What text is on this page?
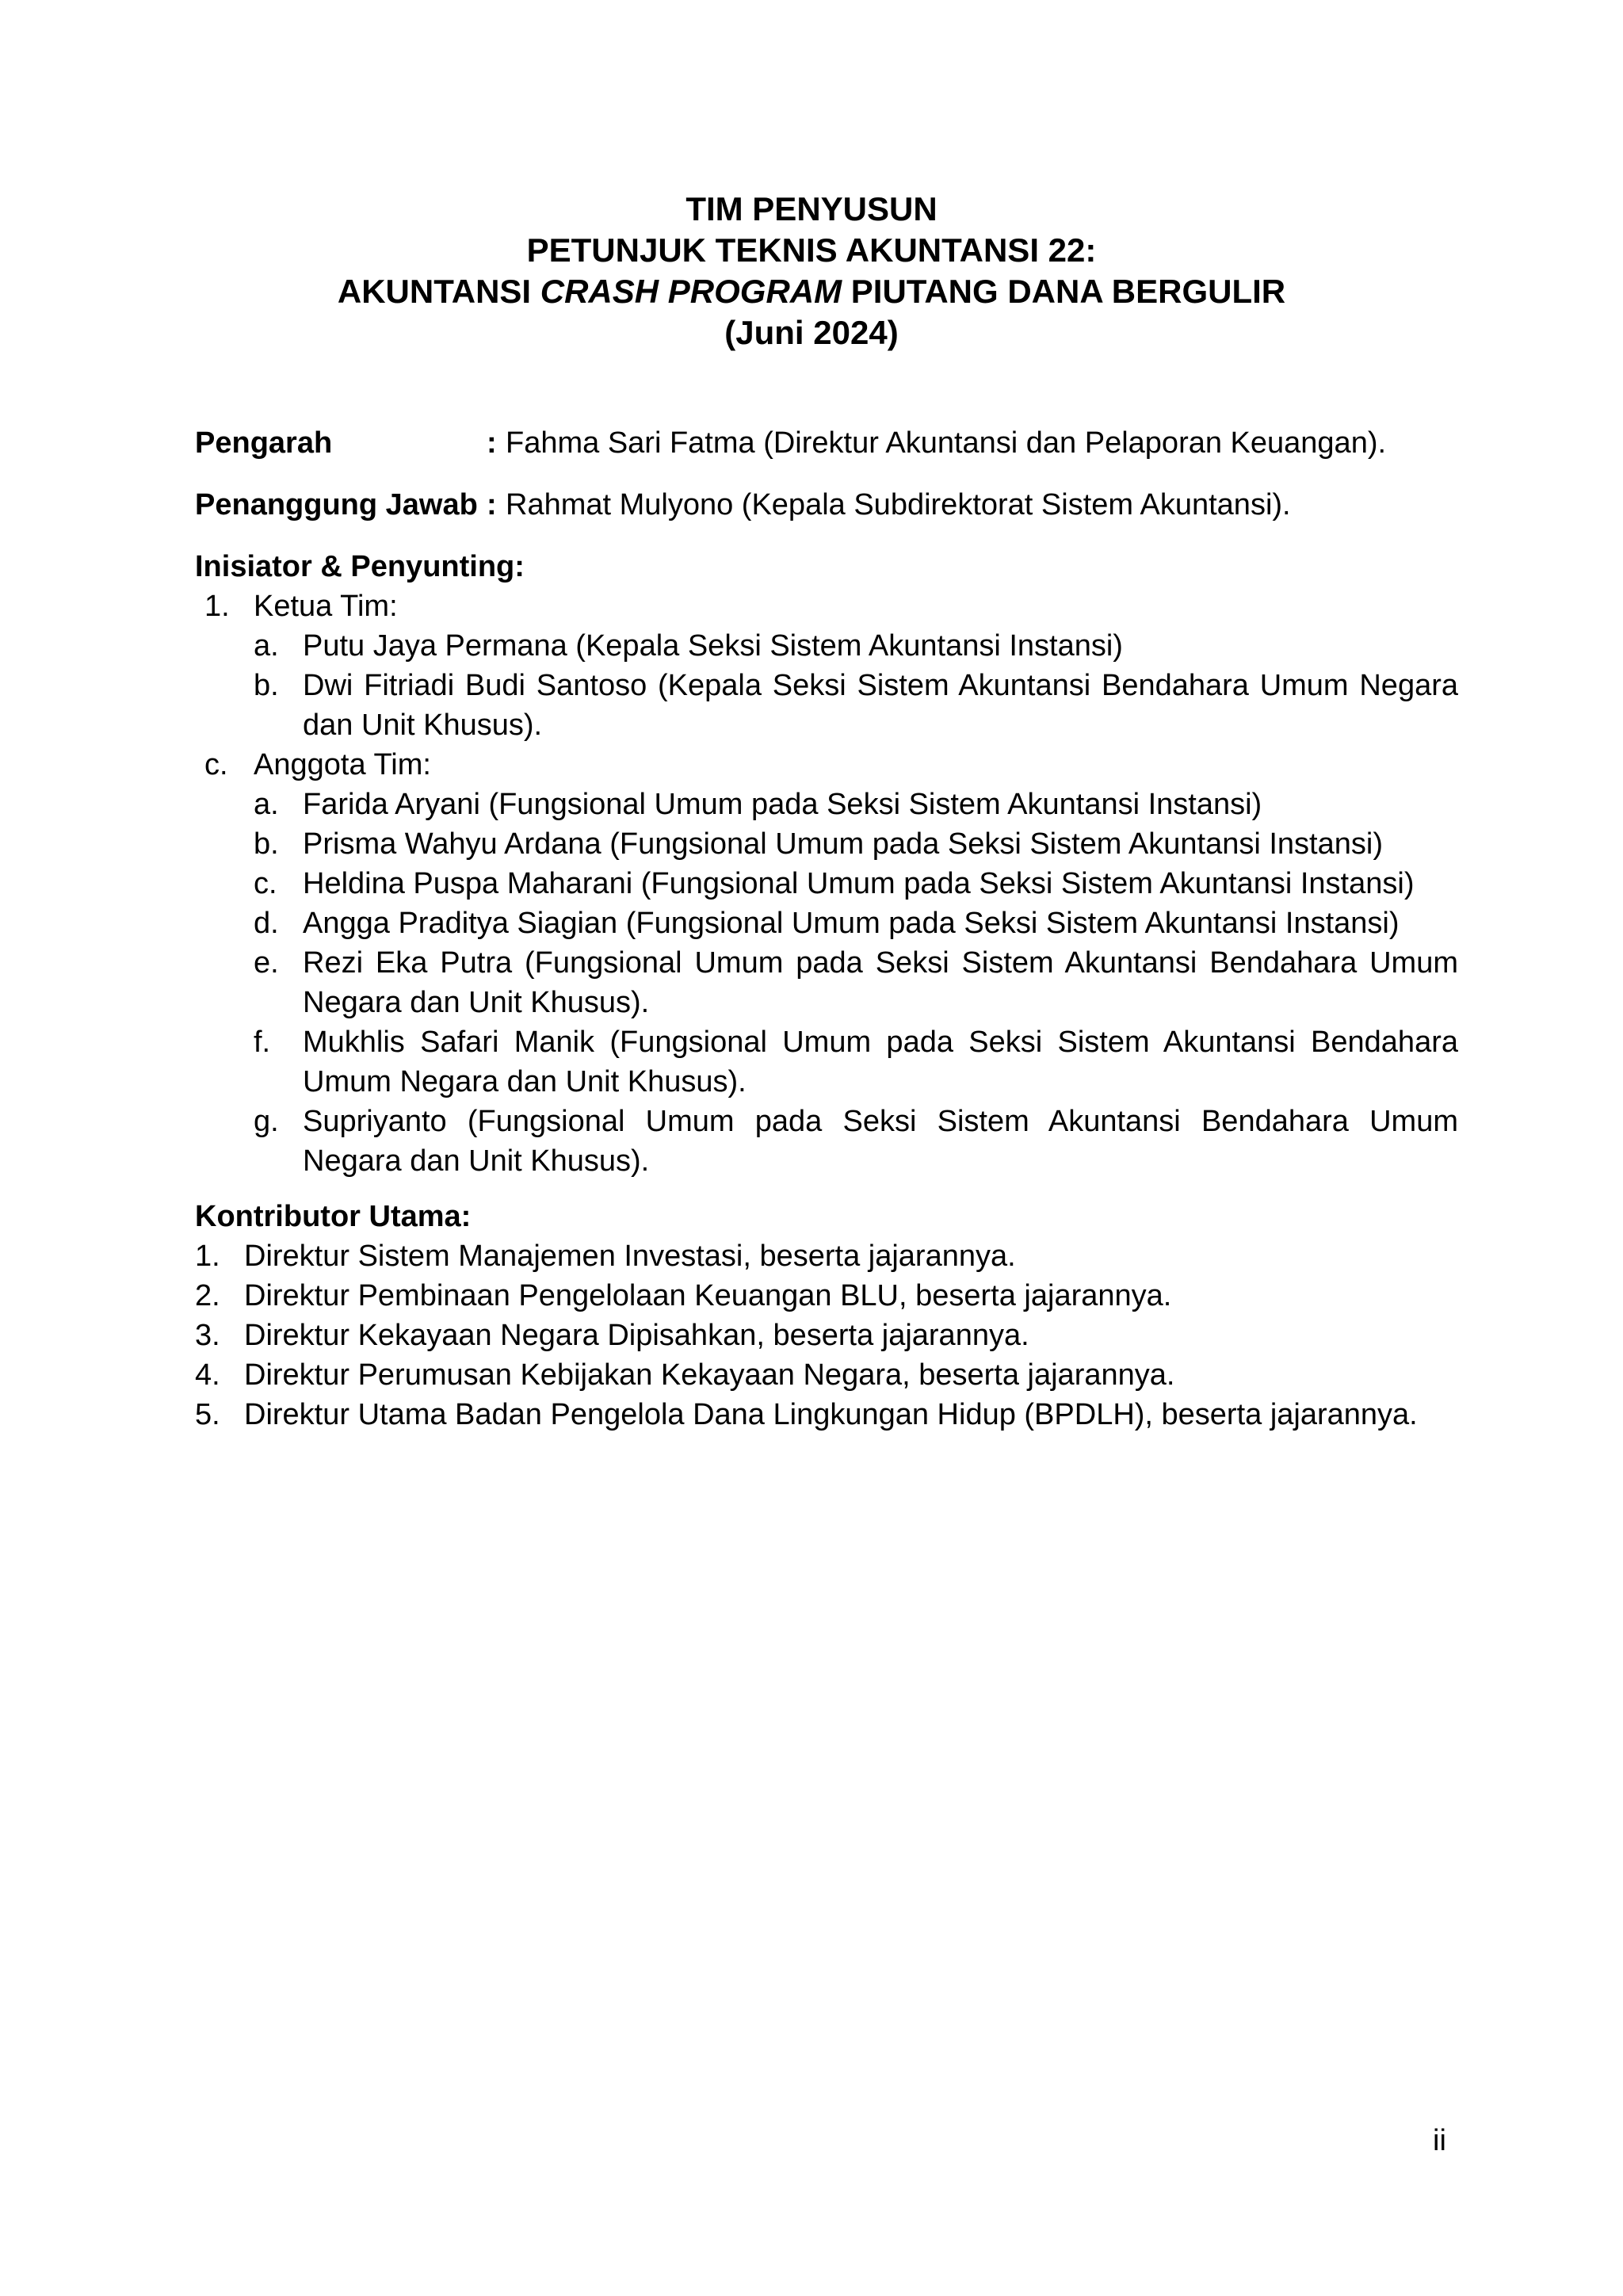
TIM PENYUSUN
PETUNJUK TEKNIS AKUNTANSI 22:
AKUNTANSI CRASH PROGRAM PIUTANG DANA BERGULIR
(Juni 2024)
Pengarah	: Fahma Sari Fatma (Direktur Akuntansi dan Pelaporan Keuangan).
Penanggung Jawab : Rahmat Mulyono (Kepala Subdirektorat Sistem Akuntansi).
Inisiator & Penyunting:
1. Ketua Tim:
a. Putu Jaya Permana (Kepala Seksi Sistem Akuntansi Instansi)
b. Dwi Fitriadi Budi Santoso (Kepala Seksi Sistem Akuntansi Bendahara Umum Negara dan Unit Khusus).
c. Anggota Tim:
a. Farida Aryani (Fungsional Umum pada Seksi Sistem Akuntansi Instansi)
b. Prisma Wahyu Ardana (Fungsional Umum pada Seksi Sistem Akuntansi Instansi)
c. Heldina Puspa Maharani (Fungsional Umum pada Seksi Sistem Akuntansi Instansi)
d. Angga Praditya Siagian (Fungsional Umum pada Seksi Sistem Akuntansi Instansi)
e. Rezi Eka Putra (Fungsional Umum pada Seksi Sistem Akuntansi Bendahara Umum Negara dan Unit Khusus).
f. Mukhlis Safari Manik (Fungsional Umum pada Seksi Sistem Akuntansi Bendahara Umum Negara dan Unit Khusus).
g. Supriyanto (Fungsional Umum pada Seksi Sistem Akuntansi Bendahara Umum Negara dan Unit Khusus).
Kontributor Utama:
1. Direktur Sistem Manajemen Investasi, beserta jajarannya.
2. Direktur Pembinaan Pengelolaan Keuangan BLU, beserta jajarannya.
3. Direktur Kekayaan Negara Dipisahkan, beserta jajarannya.
4. Direktur Perumusan Kebijakan Kekayaan Negara, beserta jajarannya.
5. Direktur Utama Badan Pengelola Dana Lingkungan Hidup (BPDLH), beserta jajarannya.
ii
